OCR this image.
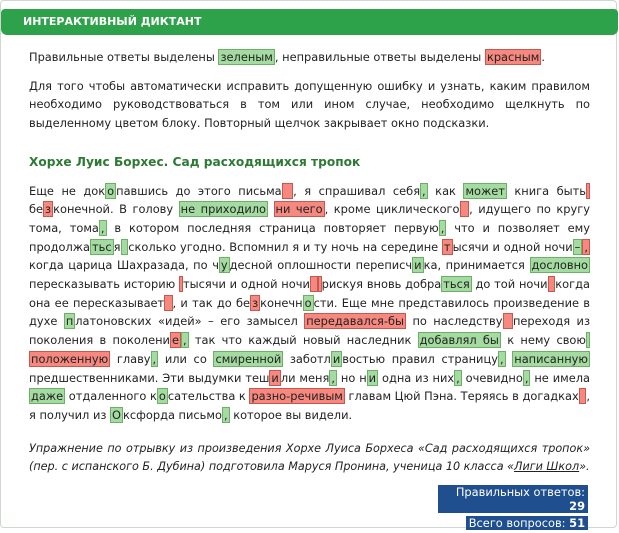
ИНТЕРАКТИВНЫЙ ДИКТАНТ

Правильные ответы выделены зеленым , неправильные ответы выделены красным .

Для того чтобы автоматически исправить допущенную ошибку и узнать, каким правилом необходимо руководствоваться в том или ином случае, необходимо щелкнуть по выделенному цветом блоку. Повторный щелчок закрывает окно подсказки.

Хорхе Луис Борхес. Сад расходящихся тропок

Еще не док о павшись до этого письма , я спрашивал себя , как может книга быть бе з конечной. В голову не приходило ни чего , кроме циклического , идущего по кругу тома, тома , в котором последняя страница повторяет первую , что и позволяет ему продолжа тьс я сколько угодно. Вспомнил я и ту ночь на середине т ысячи и одной ночи – , когда царица Шахразада, по ч у десной оплошности переписч и ка, принимается дословно пересказывать историю тысячи и одной ночи рискуя вновь добра ться до той ночи когда она ее пересказывает , и так до бе з конечн о сти. Еще мне представилось произведение в духе п латоновских «идей» – его замысел передавался-бы по наследству переходя из поколения в поколени е , так что каждый новый наследник добавлял бы к нему свою положенную главу , или со смиренной заботл и востью правил страницу , написанную предшественниками. Эти выдумки теш и ли меня , но н и одна из них , очевидно , не имела даже отдаленного к о сательства к разно-речивым главам Цюй Пэна. Теряясь в догадках , я получил из О ксфорда письмо , которое вы видели.

Упражнение по отрывку из произведения Хорхе Луиса Борхеса «Сад расходящихся тропок» (пер. с испанского Б. Дубина) подготовила Маруся Пронина, ученица 10 класса «Лиги Школ».

Правильных ответов: 29
Всего вопросов: 51
